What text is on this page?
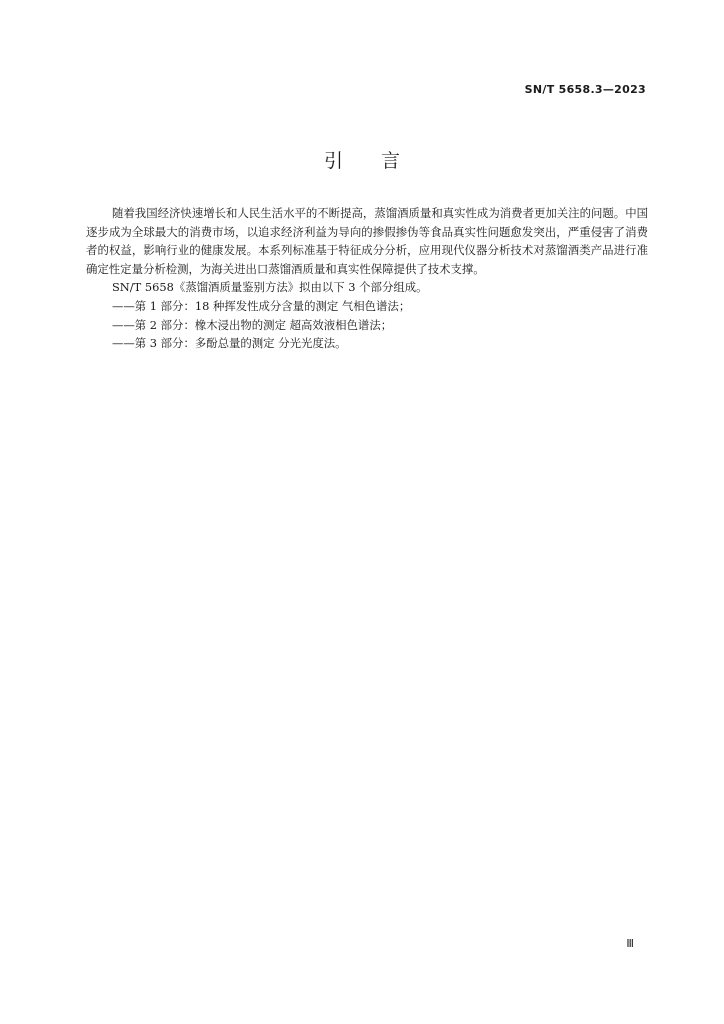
SN/T 5658.3—2023
引言

随着我国经济快速增长和人民生活水平的不断提高，蒸馏酒质量和真实性成为消费者更加关注的问题。中国逐步成为全球最大的消费市场，以追求经济利益为导向的掺假掺伪等食品真实性问题愈发突出，严重侵害了消费者的权益，影响行业的健康发展。本系列标准基于特征成分分析，应用现代仪器分析技术对蒸馏酒类产品进行准确定性定量分析检测，为海关进出口蒸馏酒质量和真实性保障提供了技术支撑。

SN/T 5658《蒸馏酒质量鉴别方法》拟由以下 3 个部分组成。

——第 1 部分：18 种挥发性成分含量的测定 气相色谱法；

——第 2 部分：橡木浸出物的测定 超高效液相色谱法；

——第 3 部分：多酚总量的测定 分光光度法。

Ⅲ
